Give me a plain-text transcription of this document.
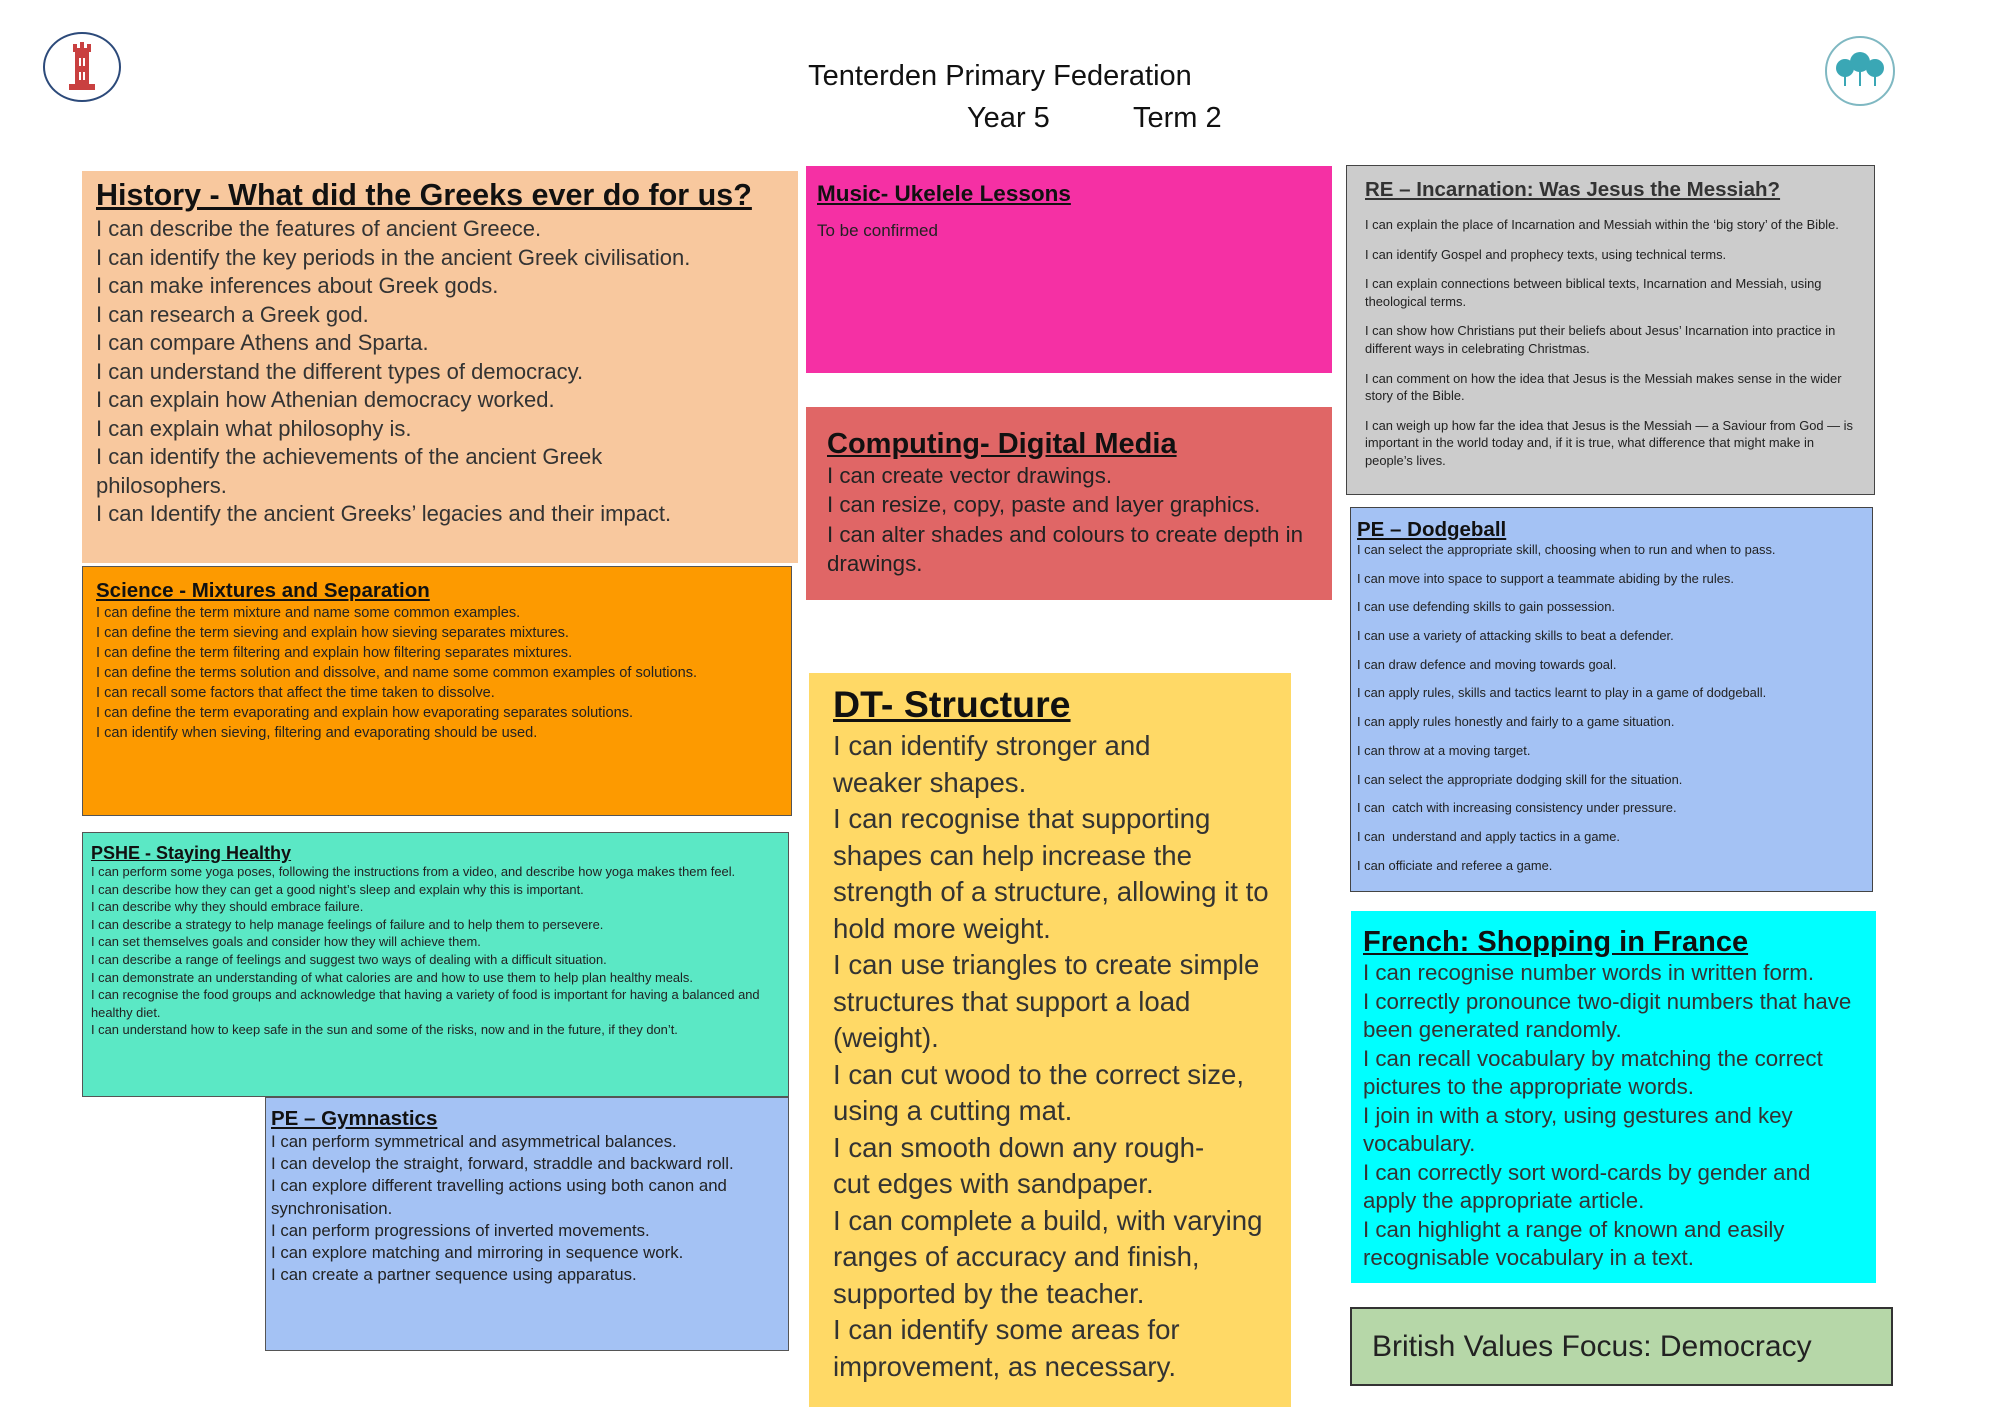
Tenterden Primary Federation
Year 5	Term 2
History - What did the Greeks ever do for us?
I can describe the features of ancient Greece.
I can identify the key periods in the ancient Greek civilisation.
I can make inferences about Greek gods.
I can research a Greek god.
I can compare Athens and Sparta.
I can understand the different types of democracy.
I can explain how Athenian democracy worked.
I can explain what philosophy is.
I can identify the achievements of the ancient Greek philosophers.
I can Identify the ancient Greeks’ legacies and their impact.
Science - Mixtures and Separation
I can define the term mixture and name some common examples.
I can define the term sieving and explain how sieving separates mixtures.
I can define the term filtering and explain how filtering separates mixtures.
I can define the terms solution and dissolve, and name some common examples of solutions.
I can recall some factors that affect the time taken to dissolve.
I can define the term evaporating and explain how evaporating separates solutions.
I can identify when sieving, filtering and evaporating should be used.
PSHE - Staying Healthy
I can perform some yoga poses, following the instructions from a video, and describe how yoga makes them feel.
I can describe how they can get a good night’s sleep and explain why this is important.
I can describe why they should embrace failure.
I can describe a strategy to help manage feelings of failure and to help them to persevere.
I can set themselves goals and consider how they will achieve them.
I can describe a range of feelings and suggest two ways of dealing with a difficult situation.
I can demonstrate an understanding of what calories are and how to use them to help plan healthy meals.
I can recognise the food groups and acknowledge that having a variety of food is important for having a balanced and healthy diet.
I can understand how to keep safe in the sun and some of the risks, now and in the future, if they don’t.
PE – Gymnastics
I can perform symmetrical and asymmetrical balances.
I can develop the straight, forward, straddle and backward roll.
I can explore different travelling actions using both canon and synchronisation.
I can perform progressions of inverted movements.
I can explore matching and mirroring in sequence work.
I can create a partner sequence using apparatus.
Music- Ukelele Lessons
To be confirmed
Computing- Digital Media
I can create vector drawings.
I can resize, copy, paste and layer graphics.
I can alter shades and colours to create depth in drawings.
DT- Structure
I can identify stronger and weaker shapes.
I can recognise that supporting shapes can help increase the strength of a structure, allowing it to hold more weight.
I can use triangles to create simple structures that support a load (weight).
I can cut wood to the correct size, using a cutting mat.
I can smooth down any rough-cut edges with sandpaper.
I can complete a build, with varying ranges of accuracy and finish, supported by the teacher.
I can identify some areas for improvement, as necessary.
RE – Incarnation: Was Jesus the Messiah?
I can explain the place of Incarnation and Messiah within the ‘big story’ of the Bible.
I can identify Gospel and prophecy texts, using technical terms.
I can explain connections between biblical texts, Incarnation and Messiah, using theological terms.
I can show how Christians put their beliefs about Jesus’ Incarnation into practice in different ways in celebrating Christmas.
I can comment on how the idea that Jesus is the Messiah makes sense in the wider story of the Bible.
I can weigh up how far the idea that Jesus is the Messiah — a Saviour from God — is important in the world today and, if it is true, what difference that might make in people’s lives.
PE – Dodgeball
I can select the appropriate skill, choosing when to run and when to pass.
I can move into space to support a teammate abiding by the rules.
I can use defending skills to gain possession.
I can use a variety of attacking skills to beat a defender.
I can draw defence and moving towards goal.
I can apply rules, skills and tactics learnt to play in a game of dodgeball.
I can apply rules honestly and fairly to a game situation.
I can throw at a moving target.
I can select the appropriate dodging skill for the situation.
I can  catch with increasing consistency under pressure.
I can  understand and apply tactics in a game.
I can officiate and referee a game.
French: Shopping in France
I can recognise number words in written form.
I correctly pronounce two-digit numbers that have been generated randomly.
I can recall vocabulary by matching the correct pictures to the appropriate words.
I join in with a story, using gestures and key vocabulary.
I can correctly sort word-cards by gender and apply the appropriate article.
I can highlight a range of known and easily recognisable vocabulary in a text.
British Values Focus: Democracy
